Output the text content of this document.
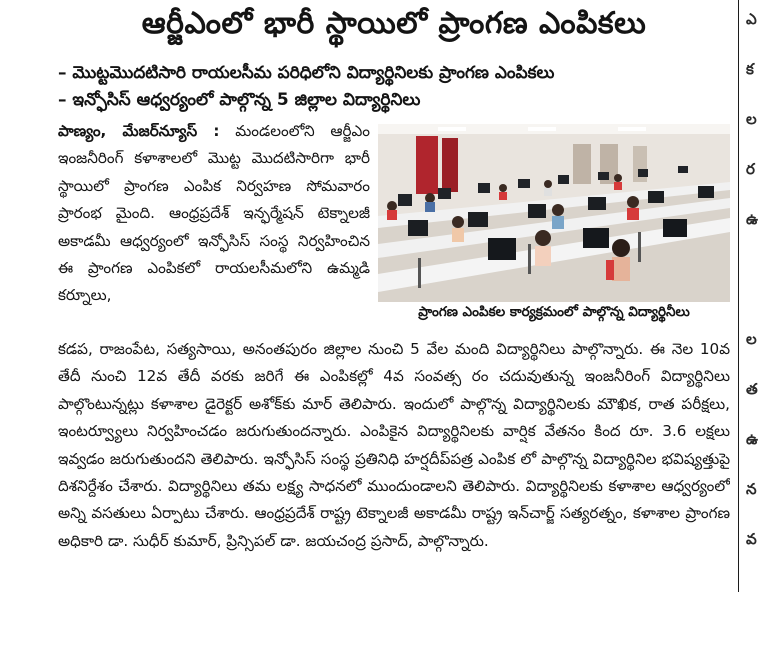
ఆర్జీఎంలో భారీ స్థాయిలో ప్రాంగణ ఎంపికలు
– మొట్టమొదటిసారి రాయలసీమ పరిధిలోని విద్యార్థినిలకు ప్రాంగణ ఎంపికలు
– ఇన్ఫోసిస్ ఆధ్వర్యంలో పాల్గొన్న 5 జిల్లాల విద్యార్థినిలు
పాణ్యం, మేజర్‌న్యూస్ : మండలంలోని ఆర్జీఎం ఇంజనీరింగ్ కళాశాలలో మొట్ట మొదటిసారిగా భారీ స్థాయిలో ప్రాంగణ ఎంపిక నిర్వహణ సోమవారం ప్రారంభ మైంది. ఆంధ్రప్రదేశ్ ఇన్ఫర్మేషన్ టెక్నాలజీ అకాడమీ ఆధ్వర్యంలో ఇన్ఫోసిస్ సంస్థ నిర్వహించిన ఈ ప్రాంగణ ఎంపికలో రాయలసీమలోని ఉమ్మడి కర్నూలు,
ప్రాంగణ ఎంపికల కార్యక్రమంలో పాల్గొన్న విద్యార్థినీలు
కడప, రాజంపేట, సత్యసాయి, అనంతపురం జిల్లాల నుంచి 5 వేల మంది విద్యార్థినిలు పాల్గొన్నారు. ఈ నెల 10వ తేదీ నుంచి 12వ తేదీ వరకు జరిగే ఈ ఎంపికల్లో 4వ సంవత్స రం చదువుతున్న ఇంజనీరింగ్ విద్యార్థినిలు పాల్గొంటున్నట్లు కళాశాల డైరెక్టర్ అశోక్‌కు మార్ తెలిపారు. ఇందులో పాల్గొన్న విద్యార్థినిలకు మౌఖిక, రాత పరీక్షలు, ఇంటర్వ్యూలు నిర్వహించడం జరుగుతుందన్నారు. ఎంపికైన విద్యార్థినిలకు వార్షిక వేతనం కింద రూ. 3.6 లక్షలు ఇవ్వడం జరుగుతుందని తెలిపారు. ఇన్ఫోసిస్ సంస్థ ప్రతినిధి హర్షదీప్‌పత్ర ఎంపిక లో పాల్గొన్న విద్యార్థినిల భవిష్యత్తుపై దిశనిర్దేశం చేశారు. విద్యార్థినిలు తమ లక్ష్య సాధనలో ముందుండాలని తెలిపారు. విద్యార్థినిలకు కళాశాల ఆధ్వర్యంలో అన్ని వసతులు ఏర్పాటు చేశారు. ఆంధ్రప్రదేశ్ రాష్ట్ర టెక్నాలజీ అకాడమీ రాష్ట్ర ఇన్‌చార్జ్ సత్యరత్నం, కళాశాల ప్రాంగణ అధికారి డా. సుధీర్ కుమార్, ప్రిన్సిపల్ డా. జయచంద్ర ప్రసాద్, పాల్గొన్నారు.
ఎ
క
ల
ర
ఉ
ల
త
ఉ
న
వ
